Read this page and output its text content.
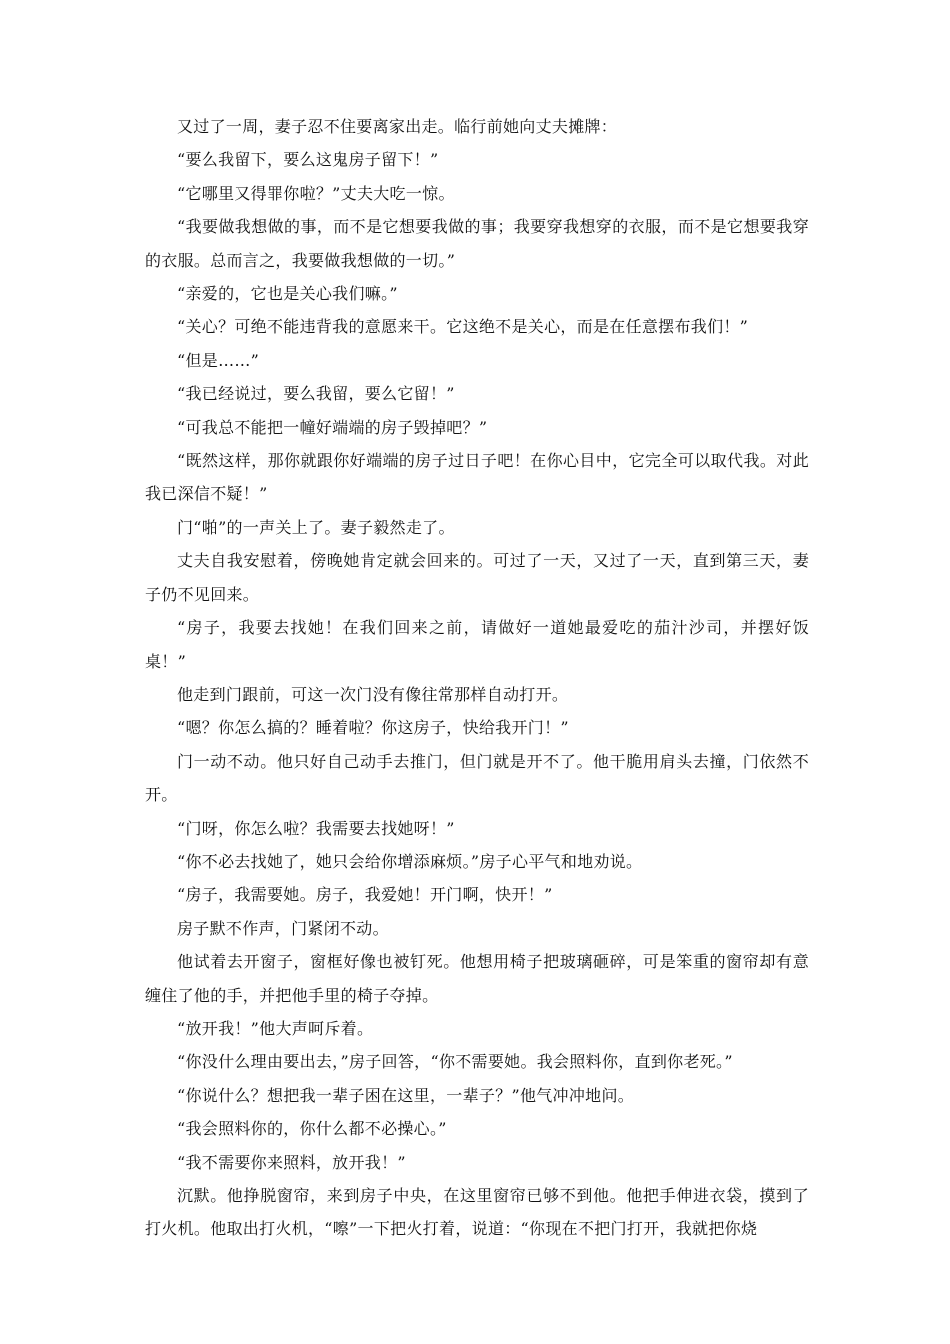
又过了一周，妻子忍不住要离家出走。临行前她向丈夫摊牌：

“要么我留下，要么这鬼房子留下！”

“它哪里又得罪你啦？”丈夫大吃一惊。

“我要做我想做的事，而不是它想要我做的事；我要穿我想穿的衣服，而不是它想要我穿的衣服。总而言之，我要做我想做的一切。”

“亲爱的，它也是关心我们嘛。”

“关心？可绝不能违背我的意愿来干。它这绝不是关心，而是在任意摆布我们！”

“但是……”

“我已经说过，要么我留，要么它留！”

“可我总不能把一幢好端端的房子毁掉吧？”

“既然这样，那你就跟你好端端的房子过日子吧！在你心目中，它完全可以取代我。对此我已深信不疑！”

门“啪”的一声关上了。妻子毅然走了。

丈夫自我安慰着，傍晚她肯定就会回来的。可过了一天，又过了一天，直到第三天，妻子仍不见回来。

“房子，我要去找她！在我们回来之前，请做好一道她最爱吃的茄汁沙司，并摆好饭桌！”

他走到门跟前，可这一次门没有像往常那样自动打开。

“嗯？你怎么搞的？睡着啦？你这房子，快给我开门！”

门一动不动。他只好自己动手去推门，但门就是开不了。他干脆用肩头去撞，门依然不开。

“门呀，你怎么啦？我需要去找她呀！”

“你不必去找她了，她只会给你增添麻烦。”房子心平气和地劝说。

“房子，我需要她。房子，我爱她！开门啊，快开！”

房子默不作声，门紧闭不动。

他试着去开窗子，窗框好像也被钉死。他想用椅子把玻璃砸碎，可是笨重的窗帘却有意缠住了他的手，并把他手里的椅子夺掉。

“放开我！”他大声呵斥着。

“你没什么理由要出去，”房子回答，“你不需要她。我会照料你，直到你老死。”

“你说什么？想把我一辈子困在这里，一辈子？”他气冲冲地问。

“我会照料你的，你什么都不必操心。”

“我不需要你来照料，放开我！”

沉默。他挣脱窗帘，来到房子中央，在这里窗帘已够不到他。他把手伸进衣袋，摸到了打火机。他取出打火机，“嚓”一下把火打着，说道：“你现在不把门打开，我就把你烧
